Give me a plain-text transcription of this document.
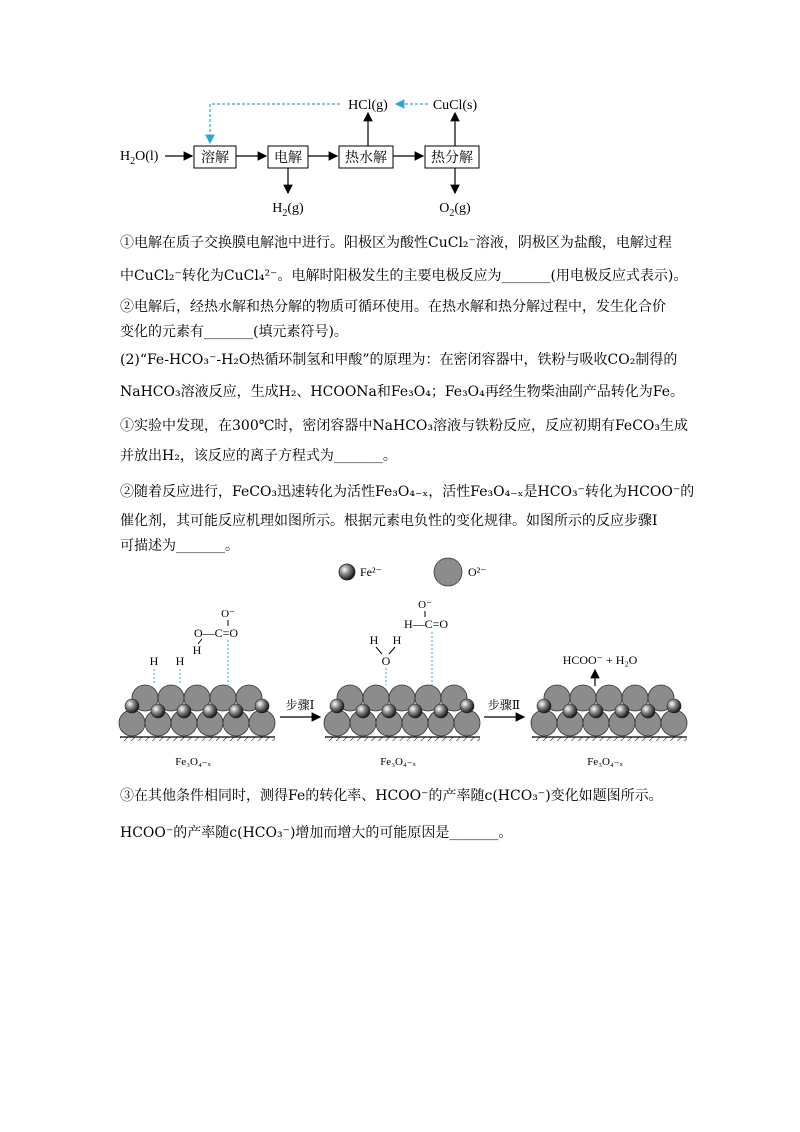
$H_2O(l)$	溶解	电解	热水解	热分解
HCl(g)	CuCl(s)
$H_2(g)$	$O_2(g)$
①电解在质子交换膜电解池中进行。阳极区为酸性CuCl₂⁻溶液，阴极区为盐酸，电解过程
中CuCl₂⁻转化为CuCl₄²⁻。电解时阳极发生的主要电极反应为_______(用电极反应式表示)。
②电解后，经热水解和热分解的物质可循环使用。在热水解和热分解过程中，发生化合价
变化的元素有_______(填元素符号)。
(2)“Fe-HCO₃⁻-H₂O热循环制氢和甲酸”的原理为：在密闭容器中，铁粉与吸收CO₂制得的
NaHCO₃溶液反应，生成H₂、HCOONa和Fe₃O₄；Fe₃O₄再经生物柴油副产品转化为Fe。
①实验中发现，在300℃时，密闭容器中NaHCO₃溶液与铁粉反应，反应初期有FeCO₃生成
并放出H₂，该反应的离子方程式为_______。
②随着反应进行，FeCO₃迅速转化为活性Fe₃O₄₋ₓ，活性Fe₃O₄₋ₓ是HCO₃⁻转化为HCOO⁻的
催化剂，其可能反应机理如图所示。根据元素电负性的变化规律。如图所示的反应步骤Ⅰ
可描述为_______。
Fe²⁻	O²⁻
H H
O⁻
O—C=O
H
Fe₃O₄₋ₓ
步骤Ⅰ
O⁻
H—C=O
H H
O
Fe₃O₄₋ₓ
步骤Ⅱ
HCOO⁻ + H₂O
Fe₃O₄₋ₓ
③在其他条件相同时，测得Fe的转化率、HCOO⁻的产率随c(HCO₃⁻)变化如题图所示。
HCOO⁻的产率随c(HCO₃⁻)增加而增大的可能原因是_______。
